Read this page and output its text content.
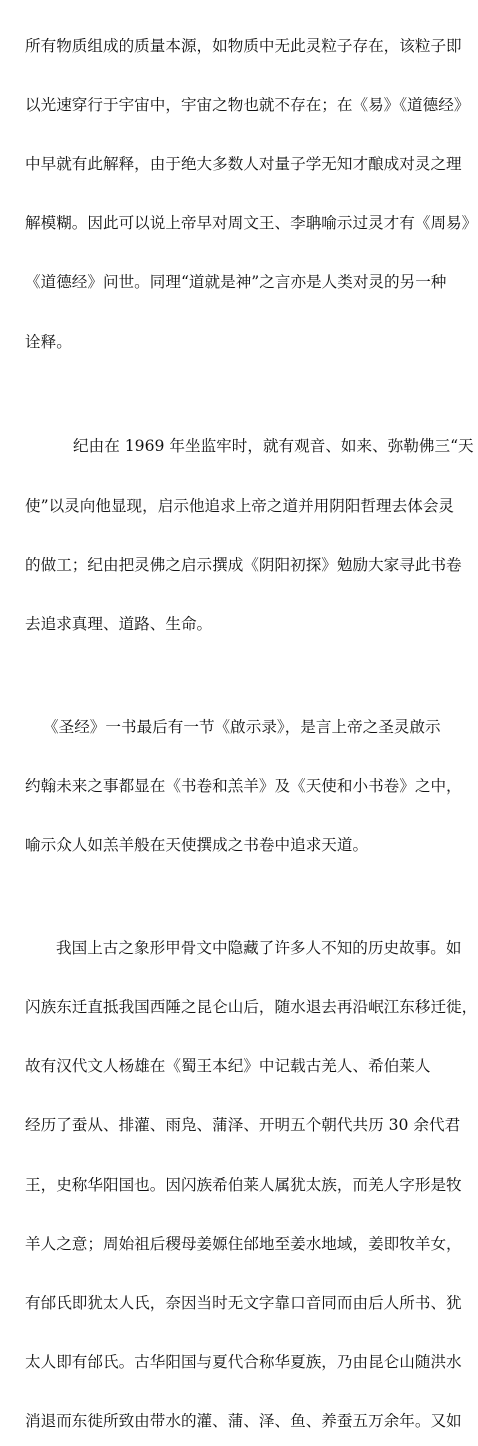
所有物质组成的质量本源，如物质中无此灵粒子存在，该粒子即

以光速穿行于宇宙中，宇宙之物也就不存在；在《易》《道德经》

中早就有此解释，由于绝大多数人对量子学无知才酿成对灵之理

解模糊。因此可以说上帝早对周文王、李聃喻示过灵才有《周易》

《道德经》问世。同理“道就是神”之言亦是人类对灵的另一种

诠释。

纪由在 1969 年坐监牢时，就有观音、如来、弥勒佛三“天

使”以灵向他显现，启示他追求上帝之道并用阴阳哲理去体会灵

的做工；纪由把灵佛之启示撰成《阴阳初探》勉励大家寻此书卷

去追求真理、道路、生命。

《圣经》一书最后有一节《啟示录》，是言上帝之圣灵啟示

约翰未来之事都显在《书卷和羔羊》及《天使和小书卷》之中，

喻示众人如羔羊般在天使撰成之书卷中追求天道。

我国上古之象形甲骨文中隐藏了许多人不知的历史故事。如

闪族东迁直抵我国西陲之昆仑山后，随水退去再沿岷江东移迁徙，

故有汉代文人杨雄在《蜀王本纪》中记载古羌人、希伯莱人

经历了蚕从、排灌、雨凫、蒲泽、开明五个朝代共历 30 余代君

王，史称华阳国也。因闪族希伯莱人属犹太族，而羌人字形是牧

羊人之意；周始祖后稷母姜嫄住邰地至姜水地域，姜即牧羊女，

有邰氏即犹太人氏，奈因当时无文字靠口音同而由后人所书、犹

太人即有邰氏。古华阳国与夏代合称华夏族，乃由昆仑山随洪水

消退而东徙所致由带水的灌、蒲、泽、鱼、养蚕五万余年。又如
